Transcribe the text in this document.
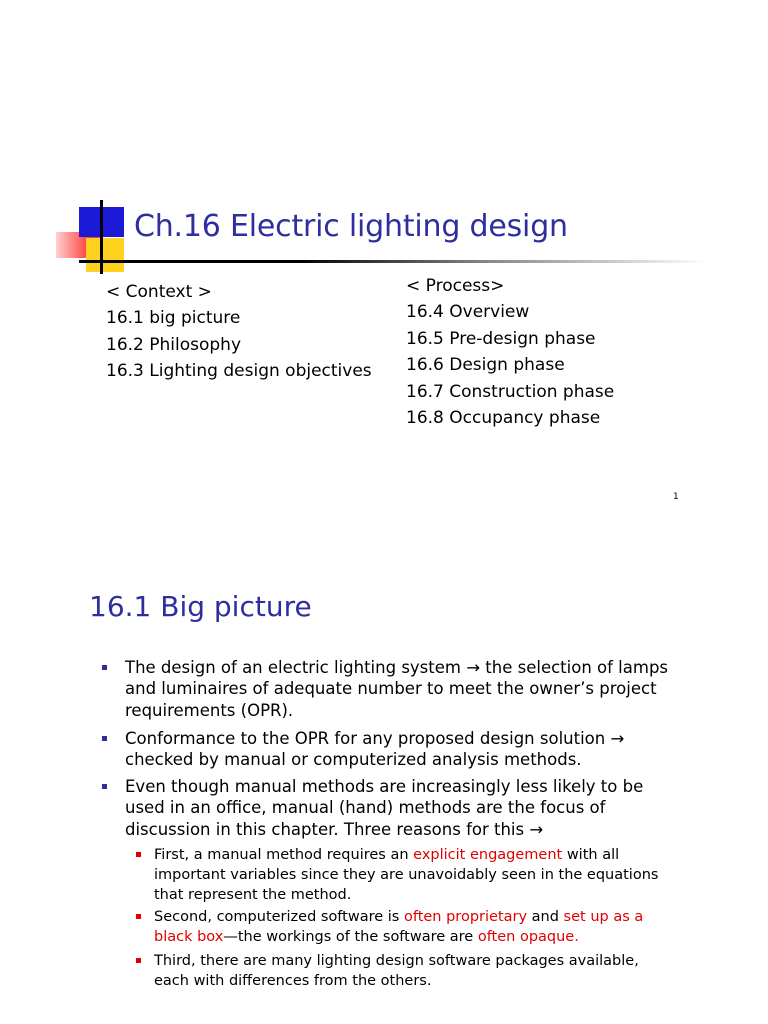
Ch.16 Electric lighting design
< Context >
16.1 big picture
16.2 Philosophy
16.3 Lighting design objectives
< Process>
16.4 Overview
16.5 Pre-design phase
16.6 Design phase
16.7 Construction phase
16.8 Occupancy phase
1
16.1 Big picture
The design of an electric lighting system → the selection of lamps and luminaires of adequate number to meet the owner’s project requirements (OPR).
Conformance to the OPR for any proposed design solution → checked by manual or computerized analysis methods.
Even though manual methods are increasingly less likely to be used in an office, manual (hand) methods are the focus of discussion in this chapter. Three reasons for this →
First, a manual method requires an explicit engagement with all important variables since they are unavoidably seen in the equations that represent the method.
Second, computerized software is often proprietary and set up as a black box—the workings of the software are often opaque.
Third, there are many lighting design software packages available, each with differences from the others.
